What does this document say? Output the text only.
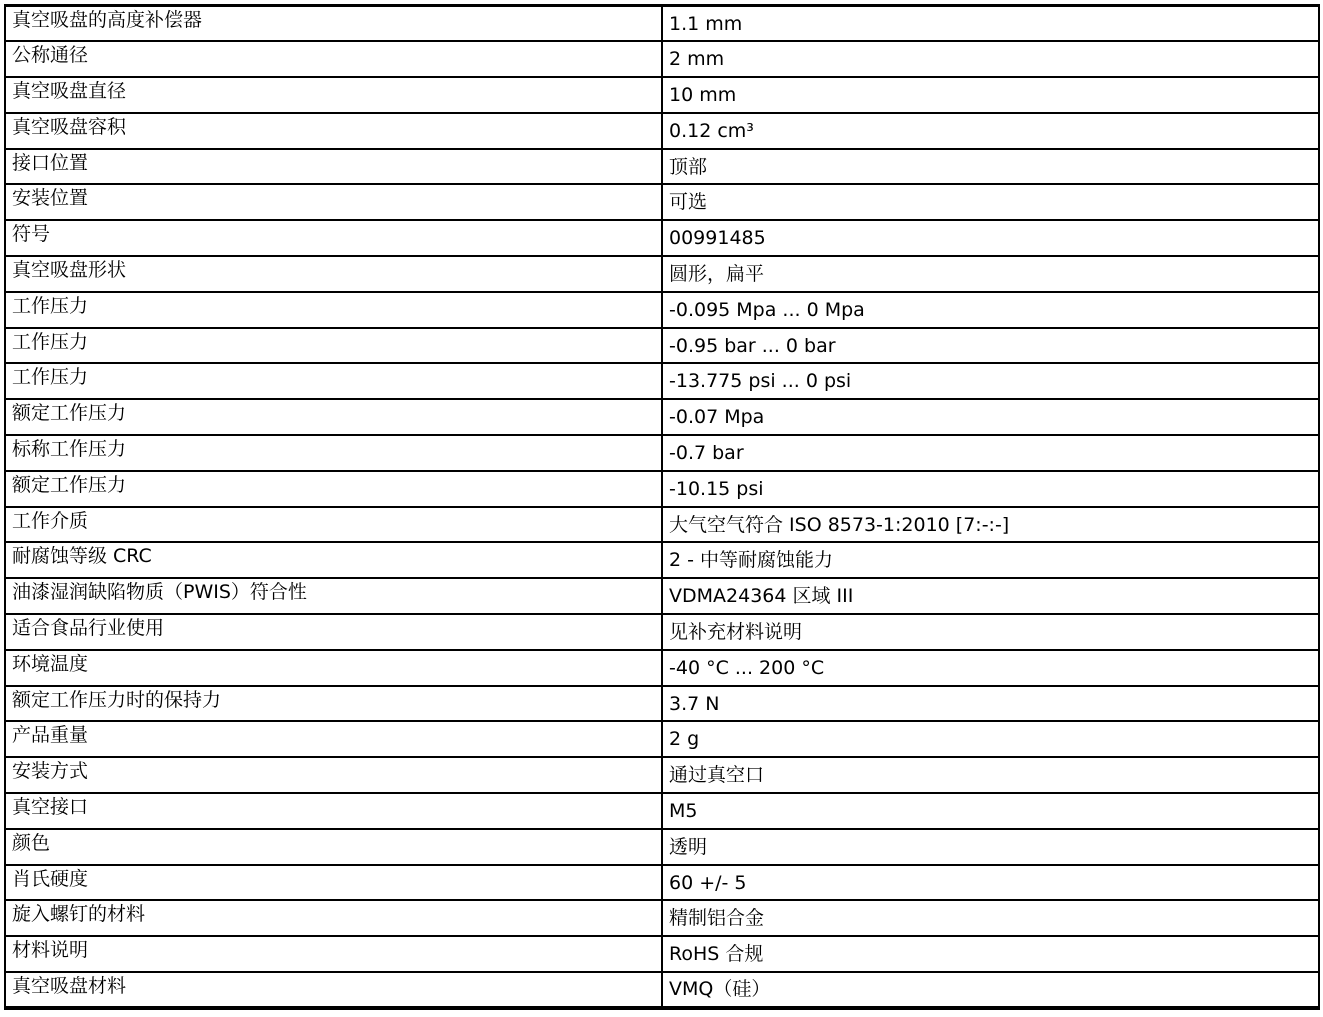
真空吸盘的高度补偿器	1.1 mm
公称通径	2 mm
真空吸盘直径	10 mm
真空吸盘容积	0.12 cm³
接口位置	顶部
安装位置	可选
符号	00991485
真空吸盘形状	圆形，扁平
工作压力	-0.095 Mpa ... 0 Mpa
工作压力	-0.95 bar ... 0 bar
工作压力	-13.775 psi ... 0 psi
额定工作压力	-0.07 Mpa
标称工作压力	-0.7 bar
额定工作压力	-10.15 psi
工作介质	大气空气符合 ISO 8573-1:2010 [7:-:-]
耐腐蚀等级 CRC	2 - 中等耐腐蚀能力
油漆湿润缺陷物质（PWIS）符合性	VDMA24364 区域 III
适合食品行业使用	见补充材料说明
环境温度	-40 °C ... 200 °C
额定工作压力时的保持力	3.7 N
产品重量	2 g
安装方式	通过真空口
真空接口	M5
颜色	透明
肖氏硬度	60 +/- 5
旋入螺钉的材料	精制铝合金
材料说明	RoHS 合规
真空吸盘材料	VMQ（硅）
